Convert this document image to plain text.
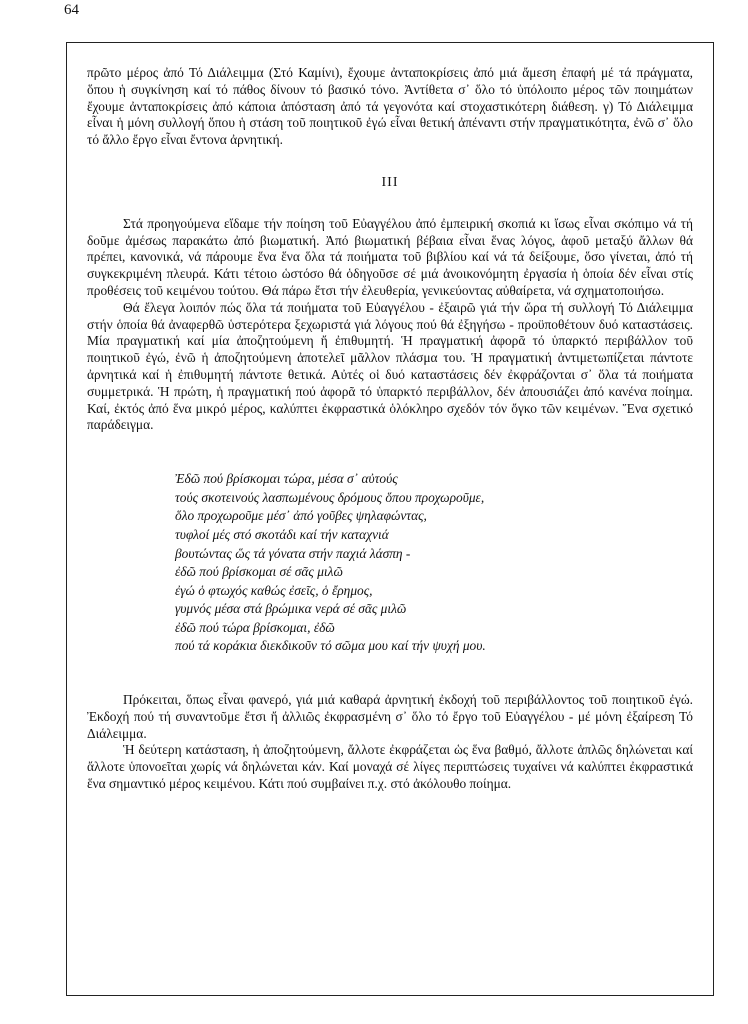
64

πρῶτο μέρος ἀπό Τό Διάλειμμα (Στό Καμίνι), ἔχουμε ἀνταποκρίσεις ἀπό μιά ἄμεση ἐπαφή μέ τά πράγματα, ὅπου ἡ συγκίνηση καί τό πάθος δίνουν τό βασικό τόνο. Ἀντίθετα σ᾿ ὅλο τό ὑπόλοιπο μέρος τῶν ποιημάτων ἔχουμε ἀνταποκρίσεις ἀπό κάποια ἀπόσταση ἀπό τά γεγονότα καί στοχαστικότερη διάθεση. γ) Τό Διάλειμμα εἶναι ἡ μόνη συλλογή ὅπου ἡ στάση τοῦ ποιητικοῦ ἐγώ εἶναι θετική ἀπέναντι στήν πραγματικότητα, ἐνῶ σ᾿ ὅλο τό ἄλλο ἔργο εἶναι ἔντονα ἀρνητική.

III

Στά προηγούμενα εἴδαμε τήν ποίηση τοῦ Εὐαγγέλου ἀπό ἐμπειρική σκοπιά κι ἴσως εἶναι σκόπιμο νά τή δοῦμε ἀμέσως παρακάτω ἀπό βιωματική. Ἀπό βιωματική βέβαια εἶναι ἕνας λόγος, ἀφοῦ μεταξύ ἄλλων θά πρέπει, κανονικά, νά πάρουμε ἕνα ἕνα ὅλα τά ποιήματα τοῦ βιβλίου καί νά τά δείξουμε, ὅσο γίνεται, ἀπό τή συγκεκριμένη πλευρά. Κάτι τέτοιο ὡστόσο θά ὁδηγοῦσε σέ μιά ἀνοικονόμητη ἐργασία ἡ ὁποία δέν εἶναι στίς προθέσεις τοῦ κειμένου τούτου. Θά πάρω ἔτσι τήν ἐλευθερία, γενικεύοντας αὐθαίρετα, νά σχηματοποιήσω.

Θά ἔλεγα λοιπόν πώς ὅλα τά ποιήματα τοῦ Εὐαγγέλου - ἐξαιρῶ γιά τήν ὥρα τή συλλογή Τό Διάλειμμα στήν ὁποία θά ἀναφερθῶ ὑστερότερα ξεχωριστά γιά λόγους πού θά ἐξηγήσω - προϋποθέτουν δυό καταστάσεις. Μία πραγματική καί μία ἀποζητούμενη ἤ ἐπιθυμητή. Ἡ πραγματική ἀφορᾶ τό ὑπαρκτό περιβάλλον τοῦ ποιητικοῦ ἐγώ, ἐνῶ ἡ ἀποζητούμενη ἀποτελεῖ μᾶλλον πλάσμα του. Ἡ πραγματική ἀντιμετωπίζεται πάντοτε ἀρνητικά καί ἡ ἐπιθυμητή πάντοτε θετικά. Αὐτές οἱ δυό καταστάσεις δέν ἐκφράζονται σ᾿ ὅλα τά ποιήματα συμμετρικά. Ἡ πρώτη, ἡ πραγματική πού ἀφορᾶ τό ὑπαρκτό περιβάλλον, δέν ἀπουσιάζει ἀπό κανένα ποίημα. Καί, ἐκτός ἀπό ἕνα μικρό μέρος, καλύπτει ἐκφραστικά ὁλόκληρο σχεδόν τόν ὄγκο τῶν κειμένων. Ἕνα σχετικό παράδειγμα.

Ἐδῶ πού βρίσκομαι τώρα, μέσα σ᾿ αὐτούς
τούς σκοτεινούς λασπωμένους δρόμους ὅπου προχωροῦμε,
ὅλο προχωροῦμε μέσ᾿ ἀπό γοῦβες ψηλαφώντας,
τυφλοί μές στό σκοτάδι καί τήν καταχνιά
βουτώντας ὥς τά γόνατα στήν παχιά λάσπη -
ἐδῶ πού βρίσκομαι σέ σᾶς μιλῶ
ἐγώ ὁ φτωχός καθώς ἐσεῖς, ὁ ἔρημος,
γυμνός μέσα στά βρώμικα νερά σέ σᾶς μιλῶ
ἐδῶ πού τώρα βρίσκομαι, ἐδῶ
πού τά κοράκια διεκδικοῦν τό σῶμα μου καί τήν ψυχή μου.

Πρόκειται, ὅπως εἶναι φανερό, γιά μιά καθαρά ἀρνητική ἐκδοχή τοῦ περιβάλλοντος τοῦ ποιητικοῦ ἐγώ. Ἐκδοχή πού τή συναντοῦμε ἔτσι ἤ ἀλλιῶς ἐκφρασμένη σ᾿ ὅλο τό ἔργο τοῦ Εὐαγγέλου - μέ μόνη ἐξαίρεση Τό Διάλειμμα.

Ἡ δεύτερη κατάσταση, ἡ ἀποζητούμενη, ἄλλοτε ἐκφράζεται ὡς ἕνα βαθμό, ἄλλοτε ἁπλῶς δηλώνεται καί ἄλλοτε ὑπονοεῖται χωρίς νά δηλώνεται κάν. Καί μοναχά σέ λίγες περιπτώσεις τυχαίνει νά καλύπτει ἐκφραστικά ἕνα σημαντικό μέρος κειμένου. Κάτι πού συμβαίνει π.χ. στό ἀκόλουθο ποίημα.
